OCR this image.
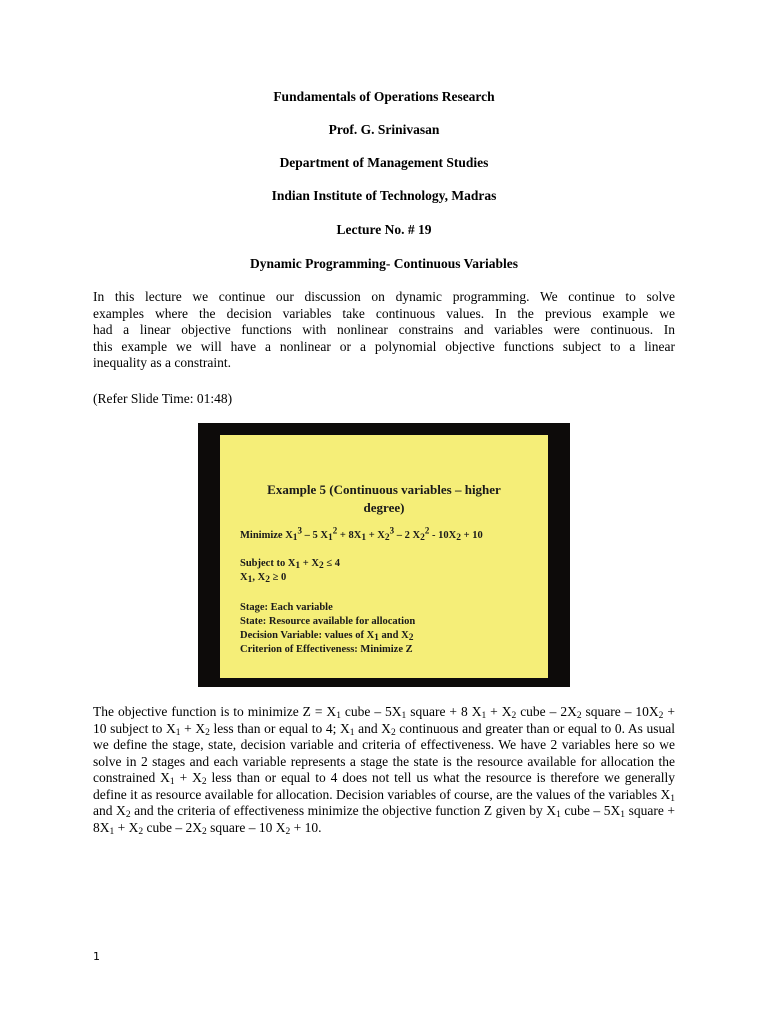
Fundamentals of Operations Research
Prof. G. Srinivasan
Department of Management Studies
Indian Institute of Technology, Madras
Lecture No. # 19
Dynamic Programming- Continuous Variables
In this lecture we continue our discussion on dynamic programming. We continue to solve
examples where the decision variables take continuous values. In the previous example we
had a linear objective functions with nonlinear constrains and variables were continuous. In
this example we will have a nonlinear or a polynomial objective functions subject to a linear
inequality as a constraint.
(Refer Slide Time: 01:48)
Example 5 (Continuous variables – higher
degree)
Minimize $X_1^3 - 5$ $X_1^2 + 8X_1 + X_2^3 - 2$ $X_2^2 - 10X_2 + 10$
Subject to $X_1 + X_2 \le 4$
$X_1$, $X_2 \ge 0$
Stage: Each variable
State: Resource available for allocation
Decision Variable: values of $X_1$ and $X_2$
Criterion of Effectiveness: Minimize Z
The objective function is to minimize $Z = X_1$ cube – $5X_1$ square + 8 $X_1 + X_2$ cube – $2X_2$ square – $10X_2 + 10$ subject to $X_1 + X_2$ less than or equal to 4; $X_1$ and $X_2$ continuous and greater than or equal to 0. As usual we define the stage, state, decision variable and criteria of effectiveness. We have 2 variables here so we solve in 2 stages and each variable represents a stage the state is the resource available for allocation the constrained $X_1 + X_2$ less than or equal to 4 does not tell us what the resource is therefore we generally define it as resource available for allocation. Decision variables of course, are the values of the variables $X_1$ and $X_2$ and the criteria of effectiveness minimize the objective function Z given by $X_1$ cube – $5X_1$ square + $8X_1 + X_2$ cube – $2X_2$ square – 10 $X_2 + 10$.
1
